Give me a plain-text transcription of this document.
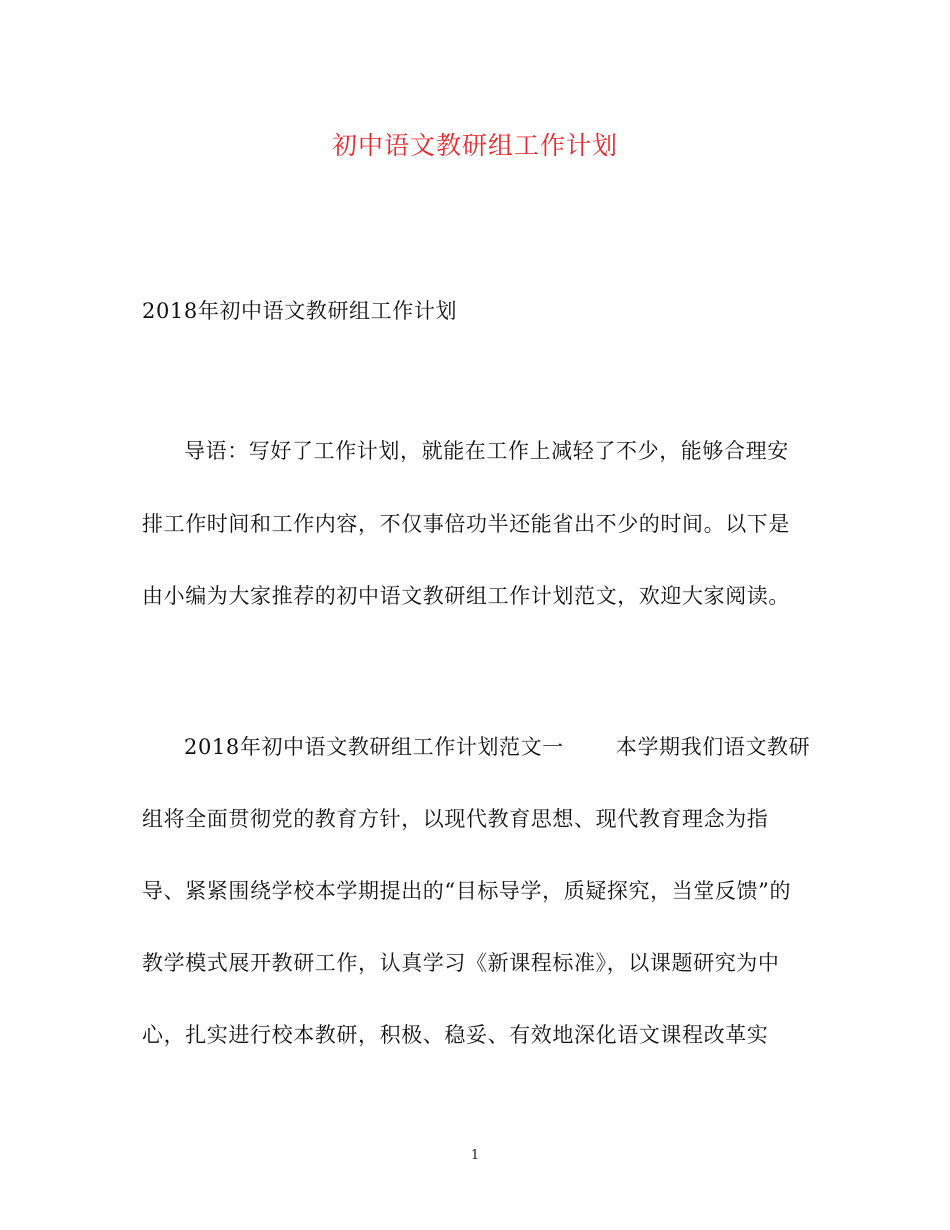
初中语文教研组工作计划
2018年初中语文教研组工作计划
导语：写好了工作计划，就能在工作上减轻了不少，能够合理安
排工作时间和工作内容，不仅事倍功半还能省出不少的时间。以下是
由小编为大家推荐的初中语文教研组工作计划范文，欢迎大家阅读。
2018年初中语文教研组工作计划范文一 本学期我们语文教研
组将全面贯彻党的教育方针，以现代教育思想、现代教育理念为指
导、紧紧围绕学校本学期提出的“目标导学，质疑探究，当堂反馈”的
教学模式展开教研工作，认真学习《新课程标准》，以课题研究为中
心，扎实进行校本教研，积极、稳妥、有效地深化语文课程改革实
1
